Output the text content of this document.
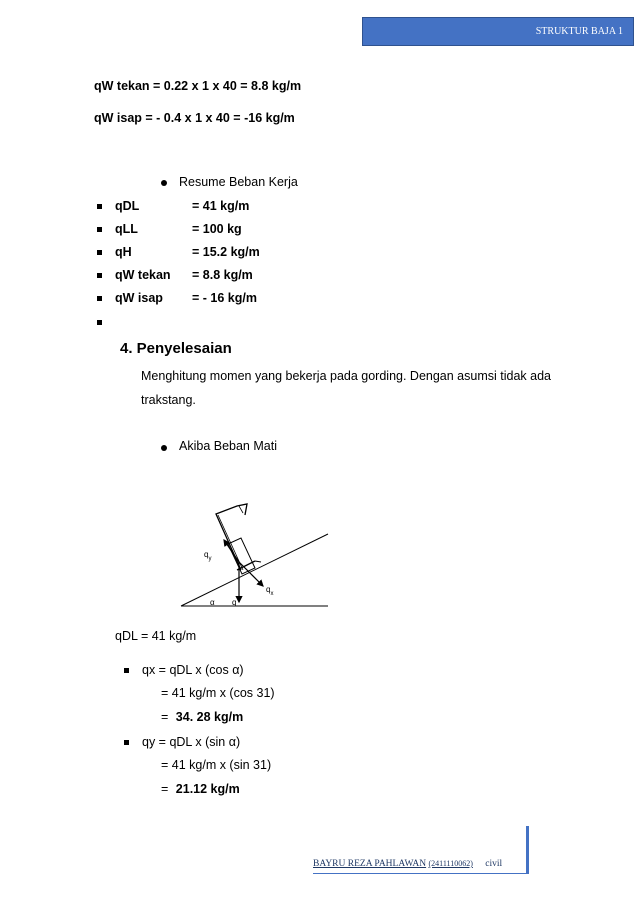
STRUKTUR BAJA 1
qW tekan = 0.22 x 1 x 40 = 8.8 kg/m
qW isap = - 0.4 x 1 x 40 = -16 kg/m
Resume Beban Kerja
qDL	= 41 kg/m
qLL	= 100 kg
qH	= 15.2 kg/m
qW tekan = 8.8 kg/m
qW isap = - 16 kg/m
4. Penyelesaian
Menghitung momen yang bekerja pada gording. Dengan asumsi tidak ada
trakstang.
Akiba Beban Mati
$q_y$
$q_x$
q
α
qDL = 41 kg/m
qx = qDL x (cos α)
= 41 kg/m x (cos 31)
= 34. 28 kg/m
qy = qDL x (sin α)
= 41 kg/m x (sin 31)
= 21.12 kg/m
BAYRU REZA PAHLAWAN (2411110062) civil
